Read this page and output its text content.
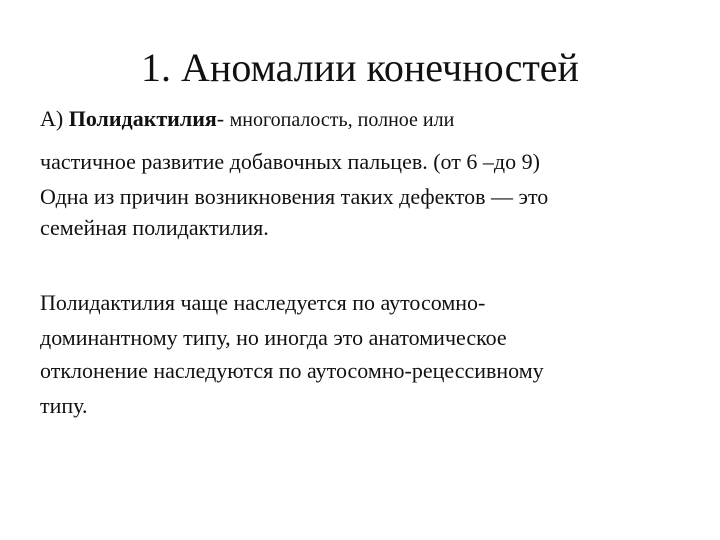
1. Аномалии конечностей
А) Полидактилия- многопалость, полное или
частичное развитие добавочных пальцев. (от 6 –до 9)
Одна из причин возникновения таких дефектов — это
семейная полидактилия.
Полидактилия чаще наследуется по аутосомно-
доминантному типу, но иногда это анатомическое
отклонение наследуются по аутосомно-рецессивному
типу.
